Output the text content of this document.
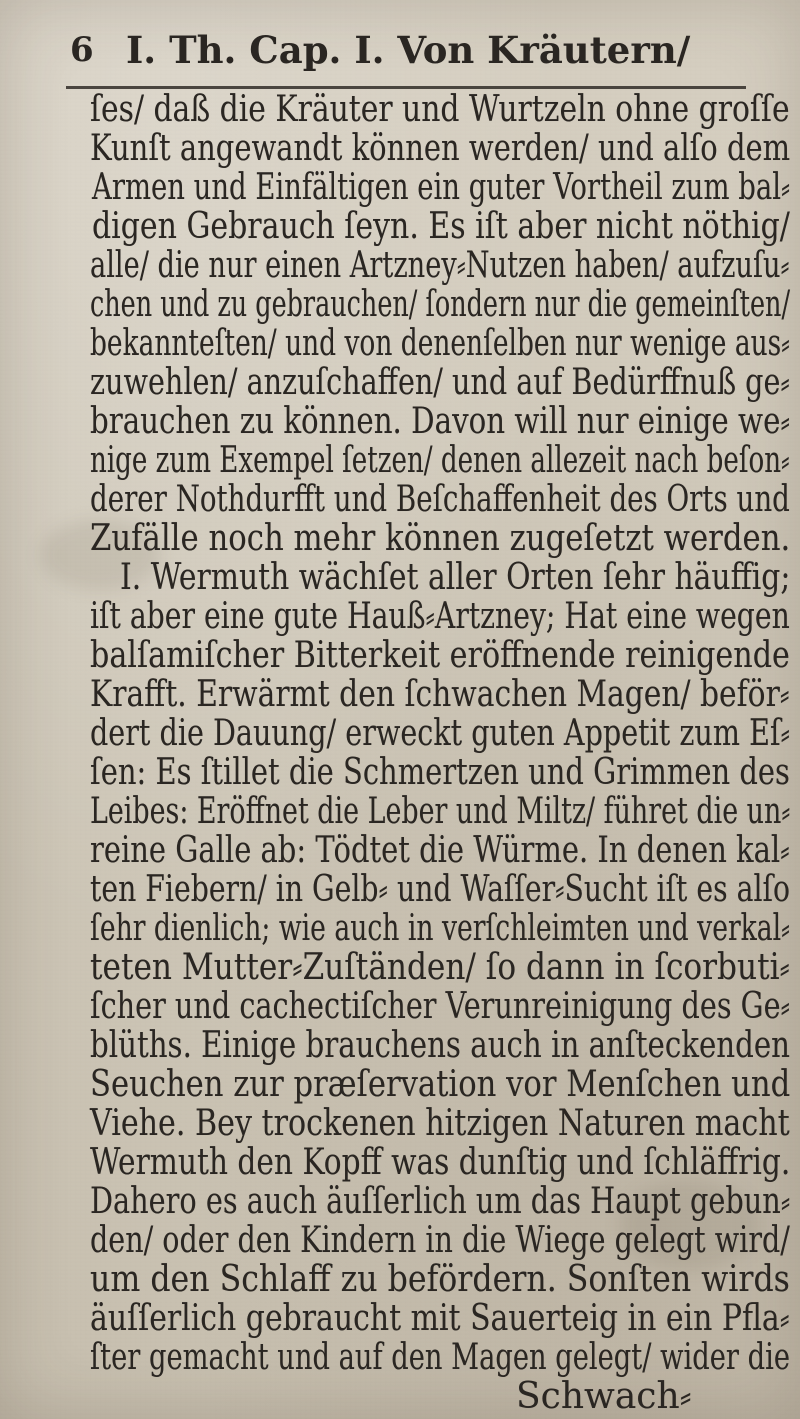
6 I. Th. Cap. I. Von Kräutern/
ſes/ daß die Kräuter und Wurtzeln ohne groſſe
Kunſt angewandt können werden/ und alſo dem
Armen und Einfältigen ein guter Vortheil zum bal⸗
digen Gebrauch ſeyn. Es iſt aber nicht nöthig/
alle/ die nur einen Artzney⸗Nutzen haben/ aufzuſu⸗
chen und zu gebrauchen/ ſondern nur die gemeinſten/
bekannteſten/ und von denenſelben nur wenige aus⸗
zuwehlen/ anzuſchaffen/ und auf Bedürffnuß ge⸗
brauchen zu können. Davon will nur einige we⸗
nige zum Exempel ſetzen/ denen allezeit nach beſon⸗
derer Nothdurfft und Beſchaffenheit des Orts und
Zufälle noch mehr können zugeſetzt werden.
I. Wermuth wächſet aller Orten ſehr häuffig;
iſt aber eine gute Hauß⸗Artzney; Hat eine wegen
balſamiſcher Bitterkeit eröffnende reinigende
Krafft. Erwärmt den ſchwachen Magen/ beför⸗
dert die Dauung/ erweckt guten Appetit zum Eſ⸗
ſen: Es ſtillet die Schmertzen und Grimmen des
Leibes: Eröffnet die Leber und Miltz/ führet die un⸗
reine Galle ab: Tödtet die Würme. In denen kal⸗
ten Fiebern/ in Gelb⸗ und Waſſer⸗Sucht iſt es alſo
ſehr dienlich; wie auch in verſchleimten und verkal⸗
teten Mutter⸗Zuſtänden/ ſo dann in ſcorbuti⸗
ſcher und cachectiſcher Verunreinigung des Ge⸗
blüths. Einige brauchens auch in anſteckenden
Seuchen zur præſervation vor Menſchen und
Viehe. Bey trockenen hitzigen Naturen macht
Wermuth den Kopff was dunſtig und ſchläffrig.
Dahero es auch äuſſerlich um das Haupt gebun⸗
den/ oder den Kindern in die Wiege gelegt wird/
um den Schlaff zu befördern. Sonſten wirds
äuſſerlich gebraucht mit Sauerteig in ein Pfla⸗
ſter gemacht und auf den Magen gelegt/ wider die
Schwach⸗
